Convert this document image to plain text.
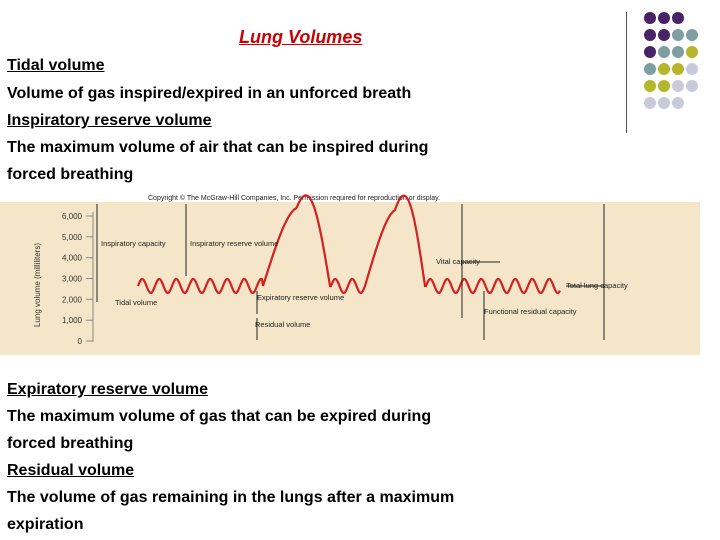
Lung Volumes
Tidal volume
Volume of gas inspired/expired in an unforced breath
Inspiratory reserve volume
The maximum volume of air that can be inspired during
forced breathing
Copyright © The McGraw-Hill Companies, Inc. Permission required for reproduction or display.
Lung volume (milliliters)
6,000
5,000
4,000
3,000
2,000
1,000
0
Inspiratory capacity	Inspiratory reserve volume
Vital capacity
Total lung capacity
Tidal volume
Expiratory reserve volume
Residual volume
Functional residual capacity
Expiratory reserve volume
The maximum volume of gas that can be expired during
forced breathing
Residual volume
The volume of gas remaining in the lungs after a maximum
expiration
